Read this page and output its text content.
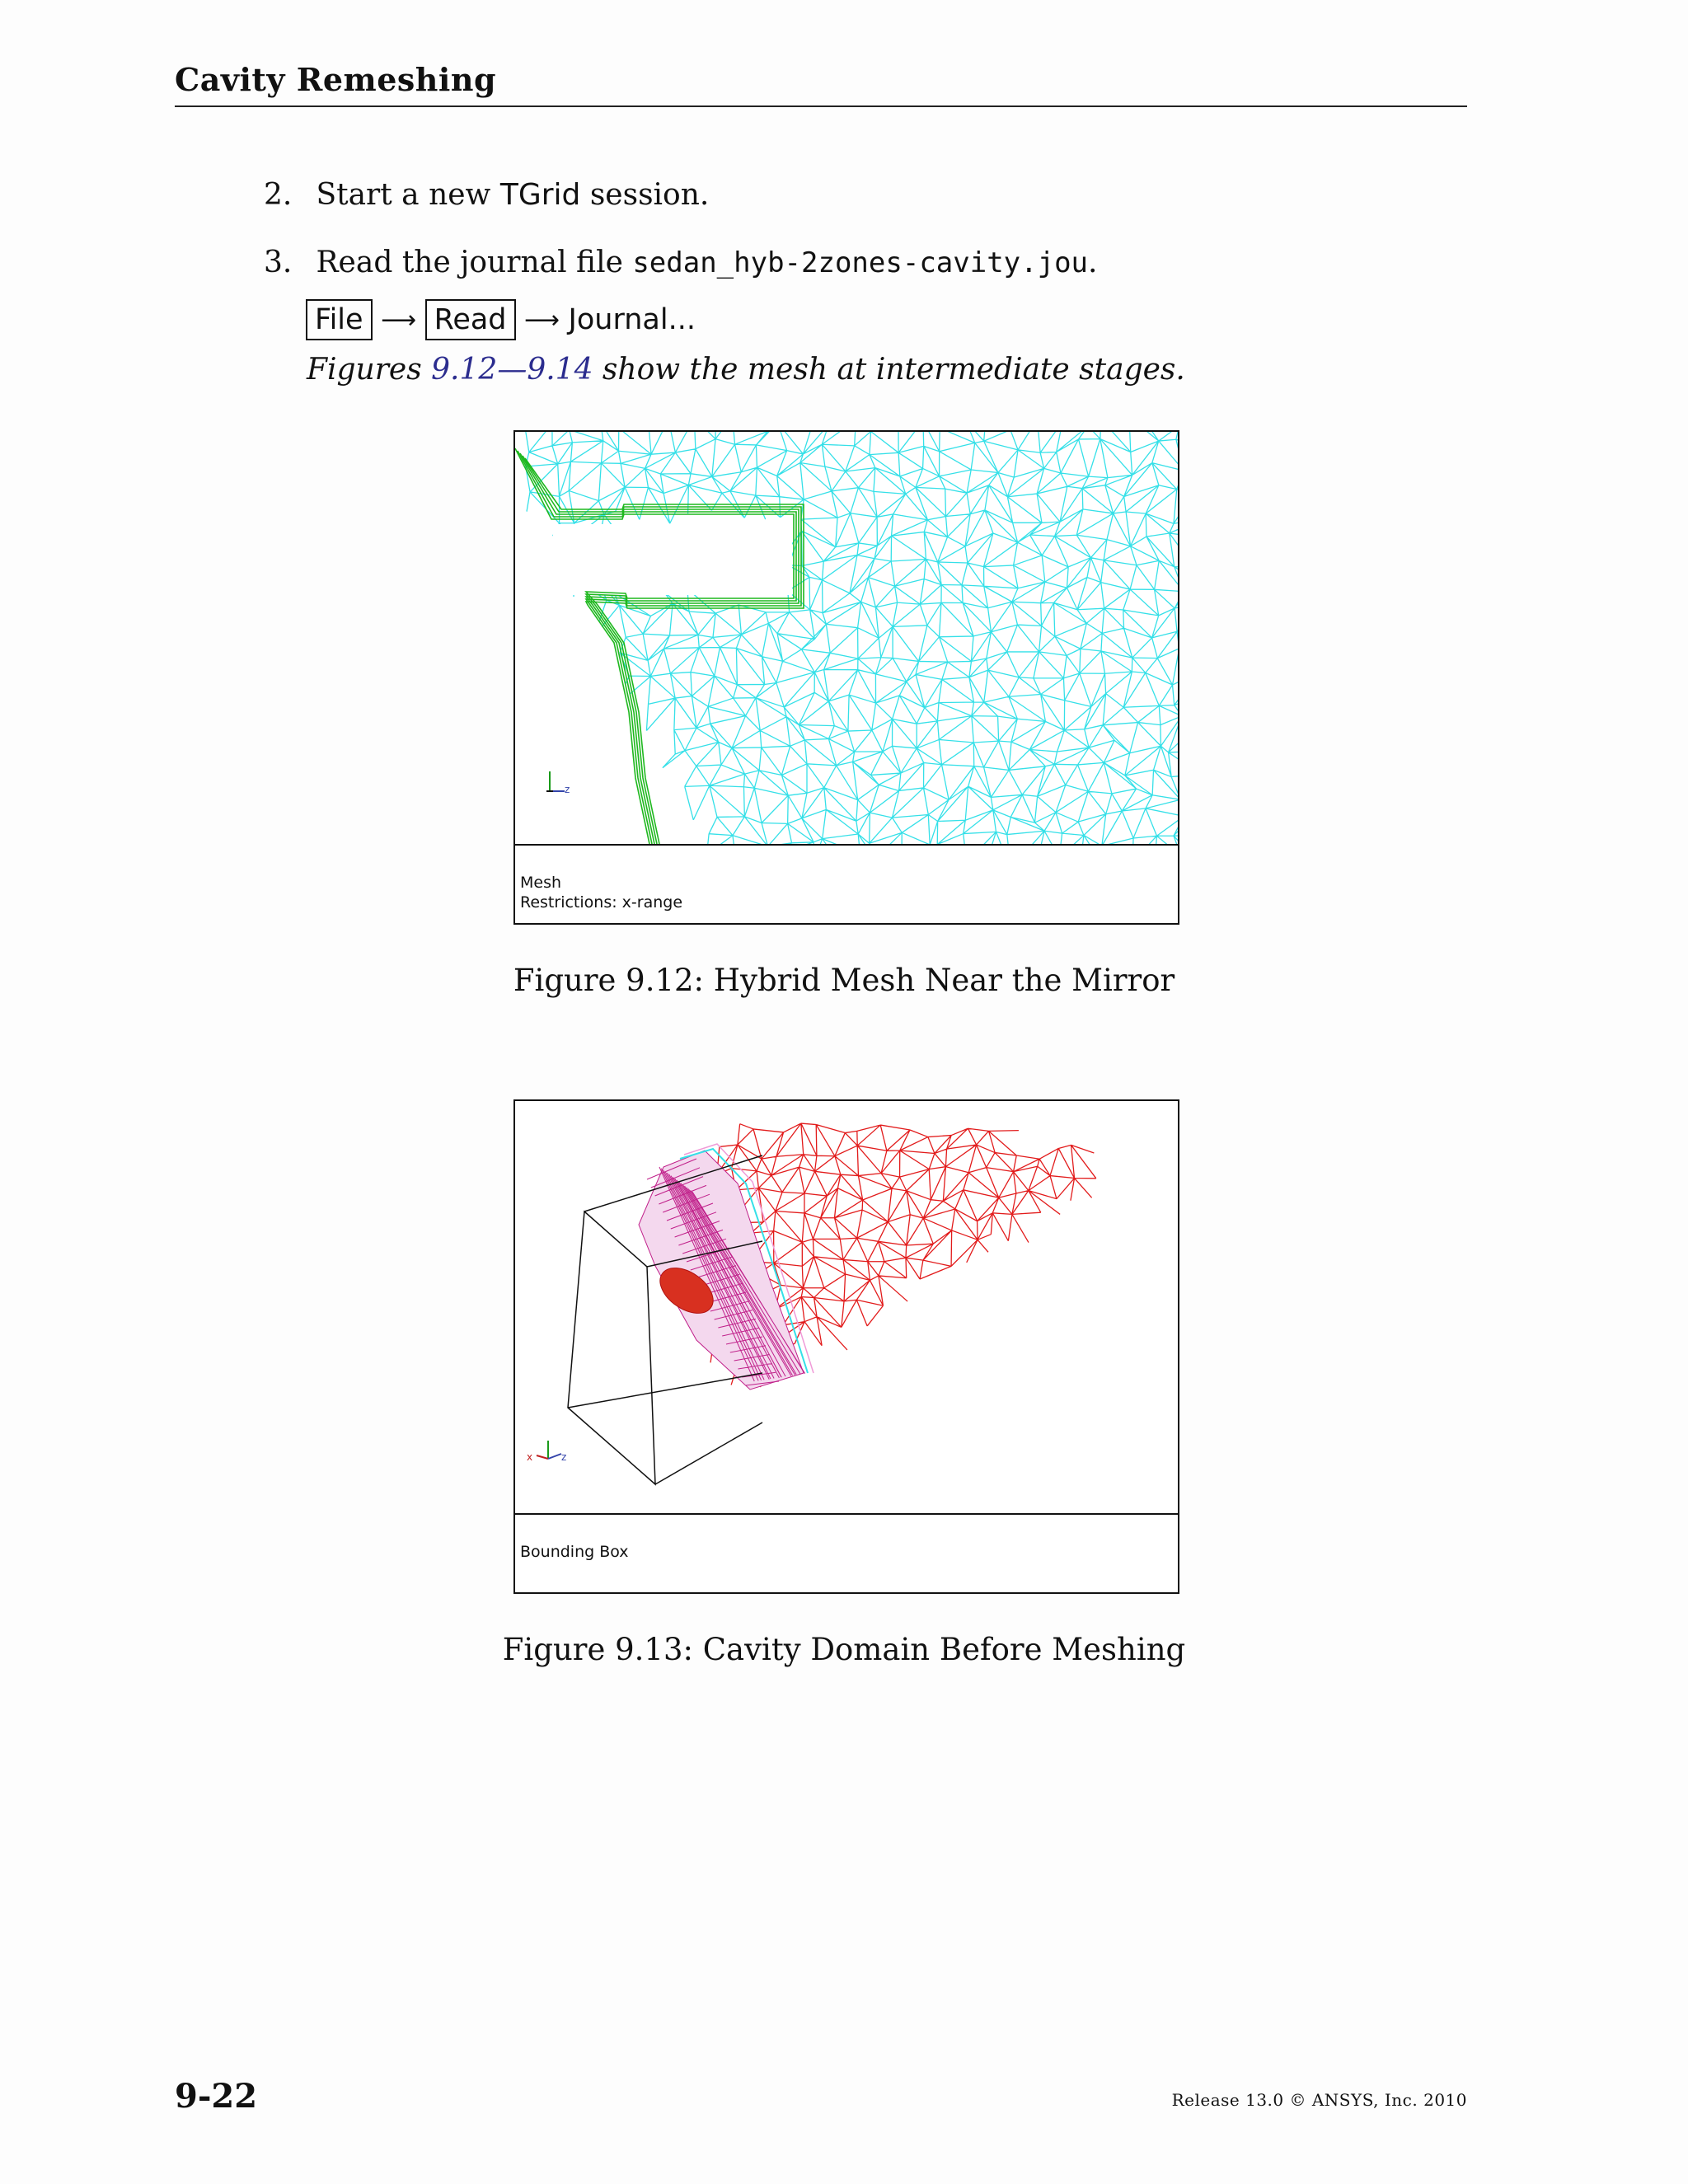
Cavity Remeshing
2. Start a new TGrid session.
3. Read the journal file sedan_hyb-2zones-cavity.jou.
File ⟶ Read ⟶ Journal...
Figures 9.12—9.14 show the mesh at intermediate stages.
z
Mesh
Restrictions: x-range
Figure 9.12: Hybrid Mesh Near the Mirror
x	z
Bounding Box
Figure 9.13: Cavity Domain Before Meshing
9-22	Release 13.0 © ANSYS, Inc. 2010
